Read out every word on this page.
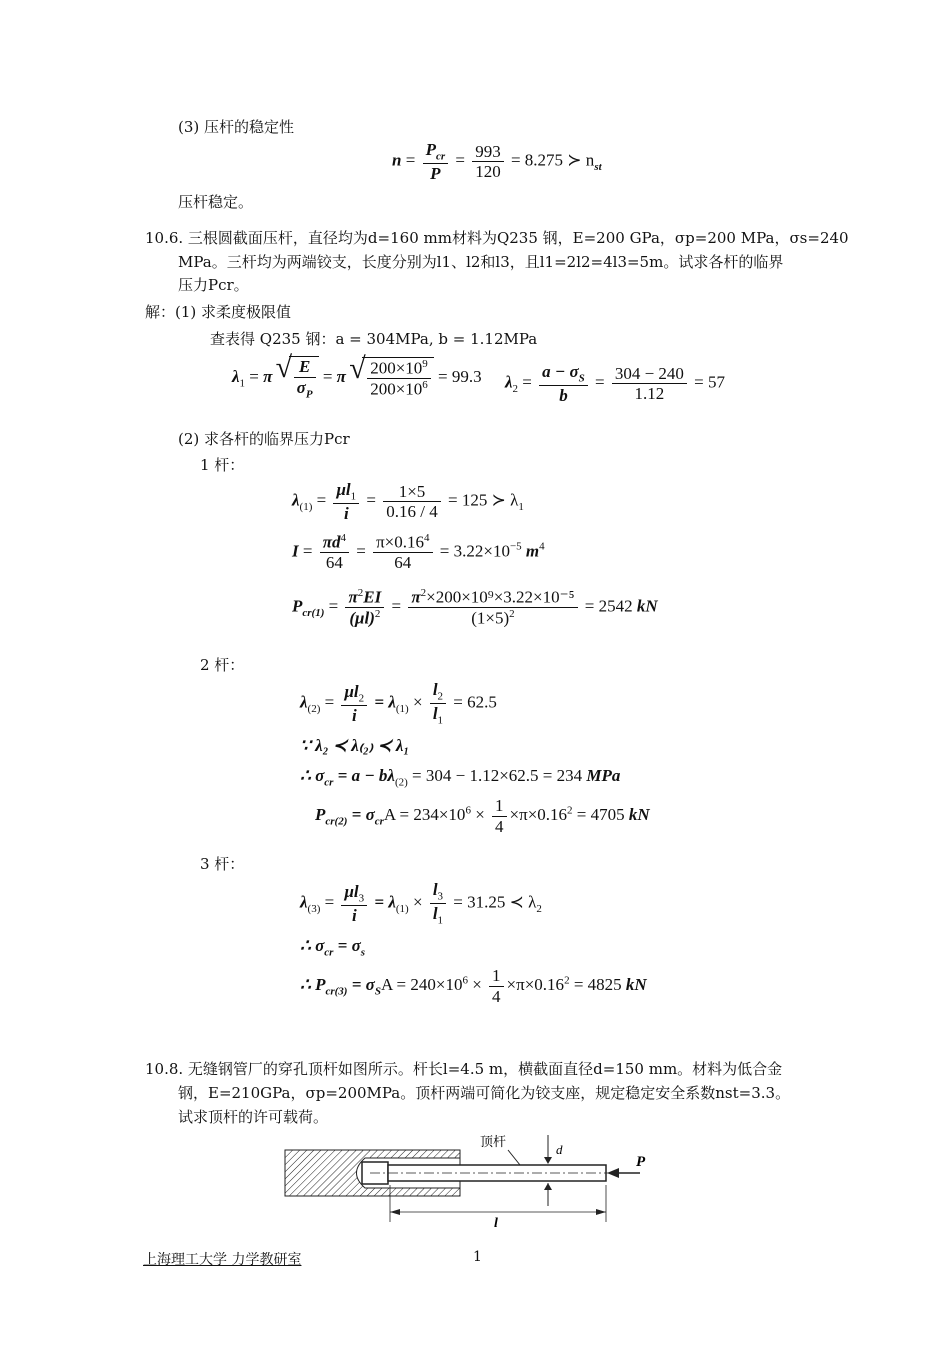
(3) 压杆的稳定性
$n = \frac{P_{cr}}{P} = \frac{993}{120} = 8.275$ ≻ $n_{st}$
压杆稳定。
10.6. 三根圆截面压杆，直径均为d=160 mm材料为Q235 钢，E=200 GPa，σp=200 MPa，σs=240
MPa。三杆均为两端铰支，长度分别为l1、l2和l3，且l1=2l2=4l3=5m。试求各杆的临界
压力Pcr。
解：(1) 求柔度极限值
查表得 Q235 钢：a = 304MPa, b = 1.12MPa
$\lambda_1 = \pi$ √ $\frac{E}{\sigma_P} = \pi$ √ $\frac{200\times 10^9}{200\times 10^6} = 99.3$ $\lambda_2 = \frac{a - \sigma_S}{b} = \frac{304 - 240}{1.12} = 57$
(2) 求各杆的临界压力Pcr
1 杆：
$\lambda_{(1)} = \frac{\mu l_1}{i} = \frac{1\times 5}{0.16 / 4} = 125$ ≻ $\lambda_1$
$I = \frac{\pi d^4}{64} = \frac{\pi\times 0.16^4}{64} = 3.22\times 10^{-5}$ $m^4$
$P_{cr(1)} = \frac{\pi^2EI}{(\mu l)^2} = \frac{\pi^2\times 200\times 10^9\times 3.22\times 10^{-5}}{(1\times 5)^2} = 2542$ kN
2 杆：
$\lambda_{(2)} = \frac{\mu l_2}{i} = \lambda_{(1)} \times \frac{l_2}{l_1} = 62.5$
∵ λ₂ ≺ λ₍₂₎ ≺ λ₁
∴ $\sigma_{cr} = a - b\lambda_{(2)} = 304 - 1.12\times 62.5 = 234$ MPa
$P_{cr(2)} = \sigma_{cr}A = 234\times 10^6 \times \frac{1}{4} \times\pi\times 0.16^2 = 4705$ kN
3 杆：
$\lambda_{(3)} = \frac{\mu l_3}{i} = \lambda_{(1)} \times \frac{l_3}{l_1} = 31.25$ ≺ $\lambda_2$
∴ $\sigma_{cr} = \sigma_s$
∴ $P_{cr(3)} = \sigma_SA = 240\times 10^6 \times \frac{1}{4} \times\pi\times 0.16^2 = 4825$ kN
10.8. 无缝钢管厂的穿孔顶杆如图所示。杆长l=4.5 m，横截面直径d=150 mm。材料为低合金
钢，E=210GPa，σp=200MPa。顶杆两端可简化为铰支座，规定稳定安全系数nst=3.3。
试求顶杆的许可载荷。
顶杆	d
P
l
上海理工大学 力学教研室	1
